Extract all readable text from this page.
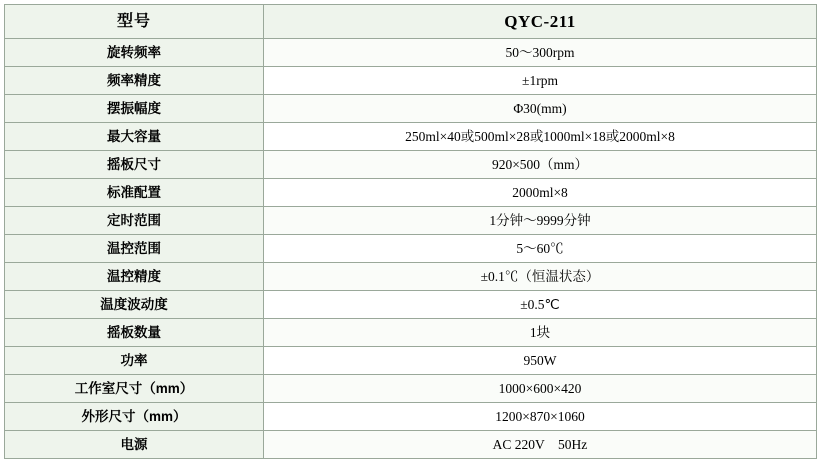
型号	QYC-211
旋转频率	50～300rpm
频率精度	±1rpm
摆振幅度	Φ30(mm)
最大容量	250ml×40或500ml×28或1000ml×18或2000ml×8
摇板尺寸	920×500（mm）
标准配置	2000ml×8
定时范围	1分钟～9999分钟
温控范围	5～60℃
温控精度	±0.1℃（恒温状态）
温度波动度	±0.5℃
摇板数量	1块
功率	950W
工作室尺寸（mm）	1000×600×420
外形尺寸（mm）	1200×870×1060
电源	AC 220V　50Hz
